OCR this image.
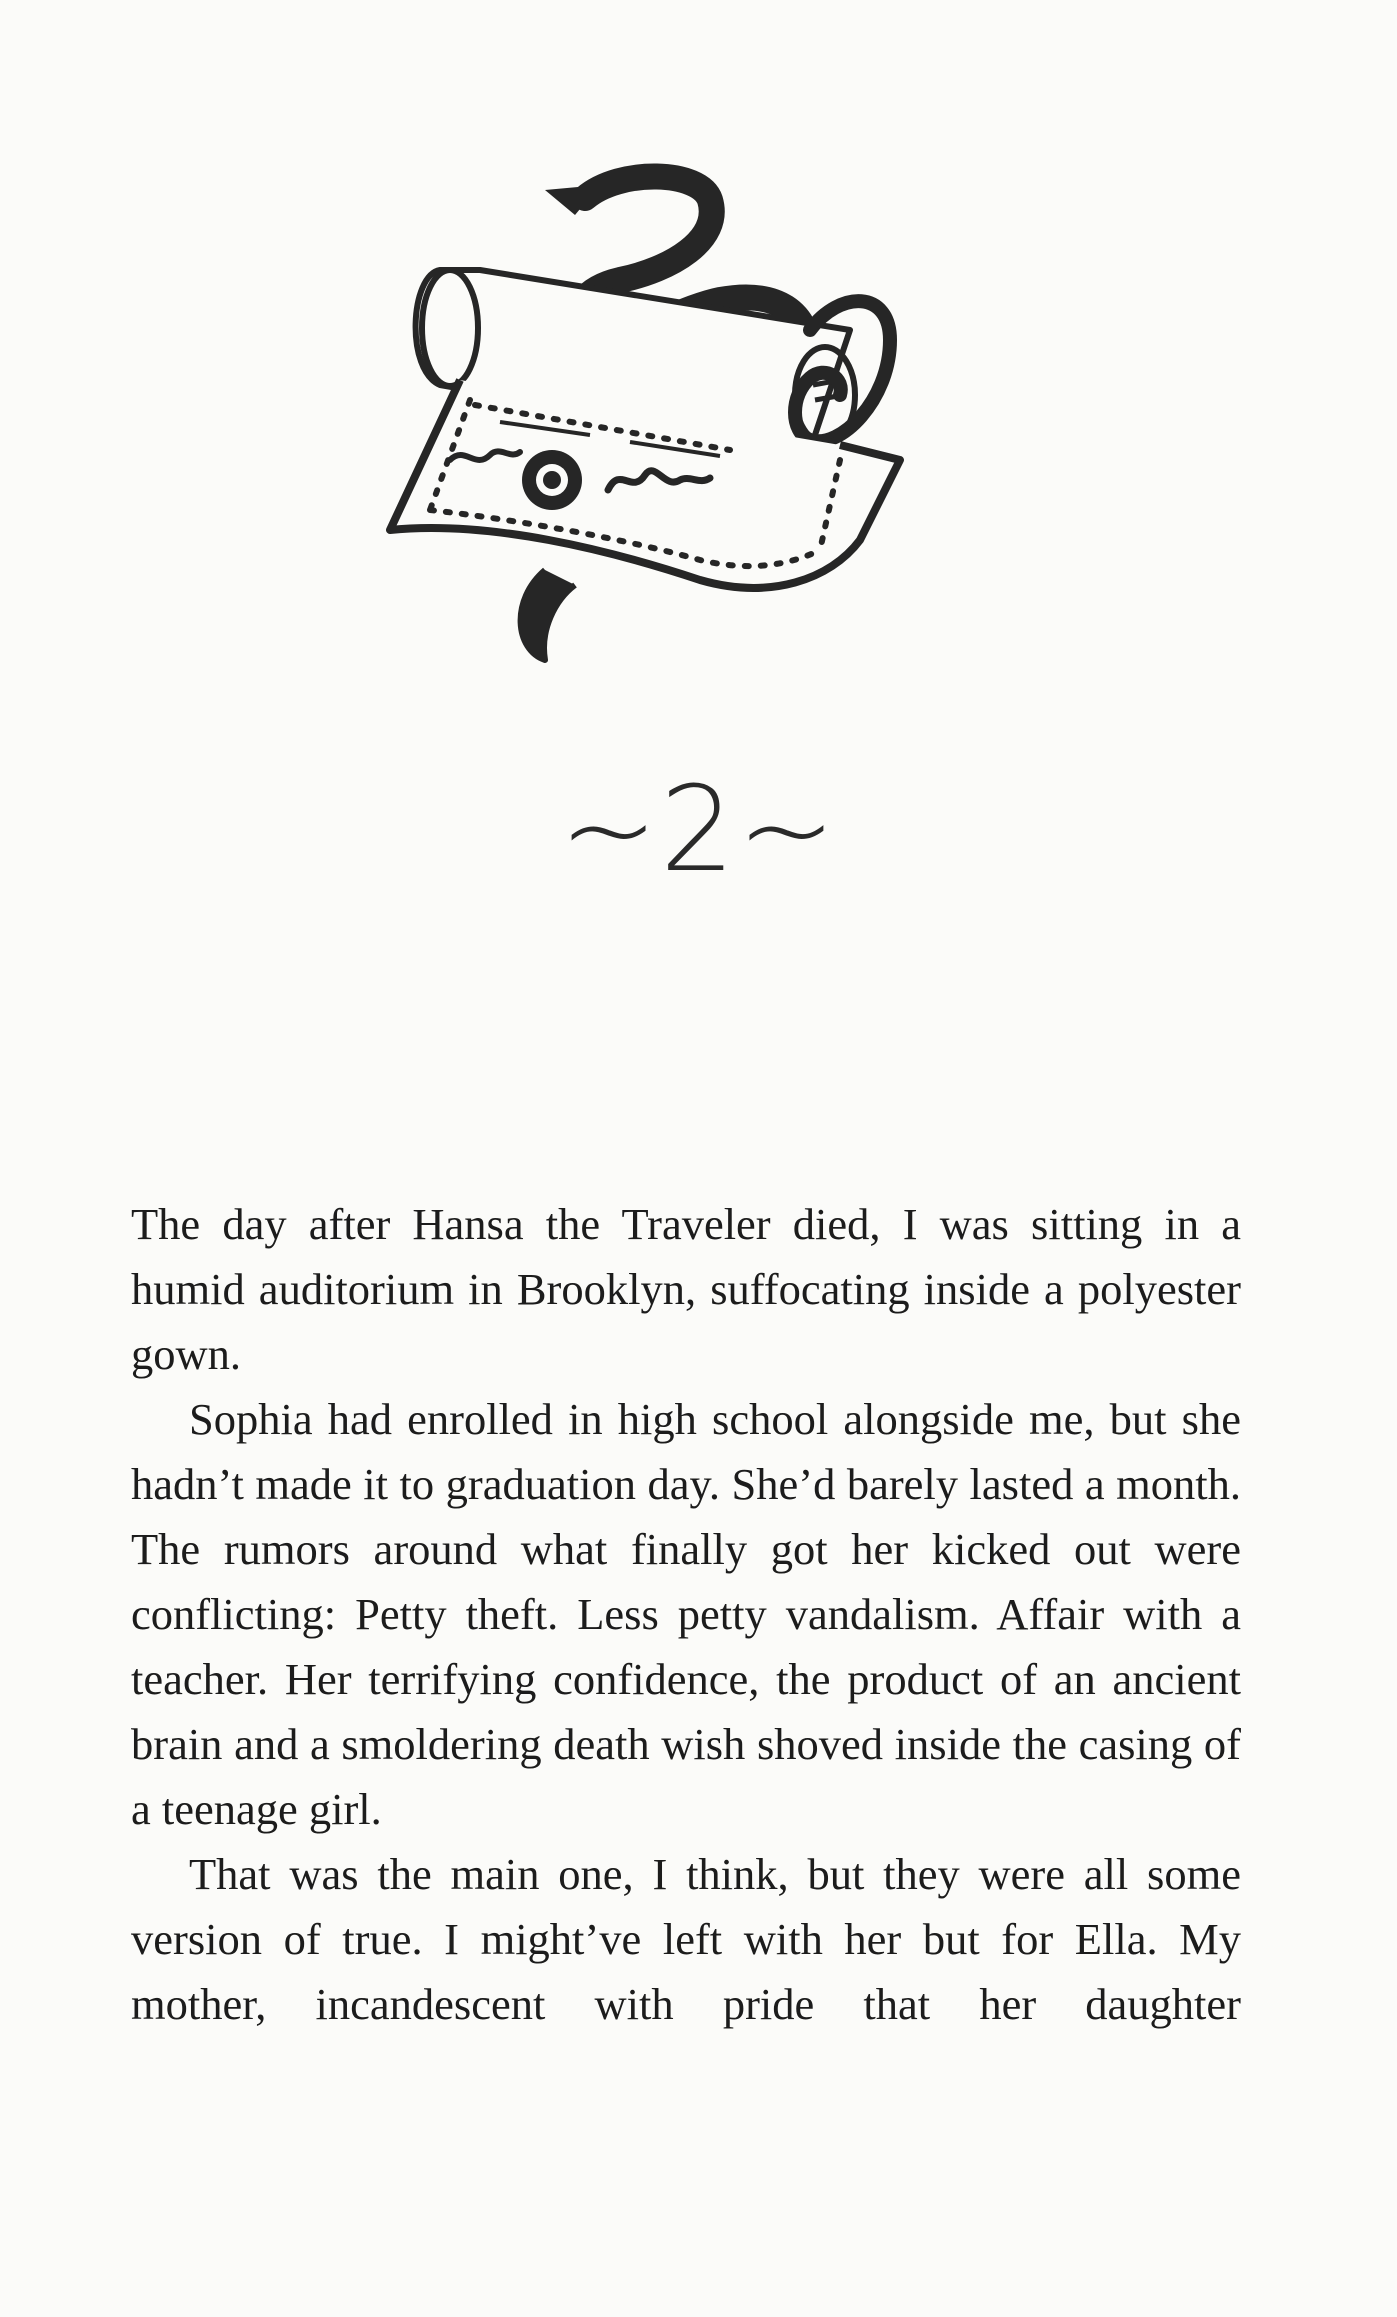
~2~

The day after Hansa the Traveler died, I was sitting in a humid auditorium in Brooklyn, suffocating inside a polyester gown.

Sophia had enrolled in high school alongside me, but she hadn’t made it to graduation day. She’d barely lasted a month. The rumors around what finally got her kicked out were conflicting: Petty theft. Less petty vandalism. Affair with a teacher. Her terrifying confidence, the product of an ancient brain and a smoldering death wish shoved inside the casing of a teenage girl.

That was the main one, I think, but they were all some version of true. I might’ve left with her but for Ella. My mother, incandescent with pride that her daughter
